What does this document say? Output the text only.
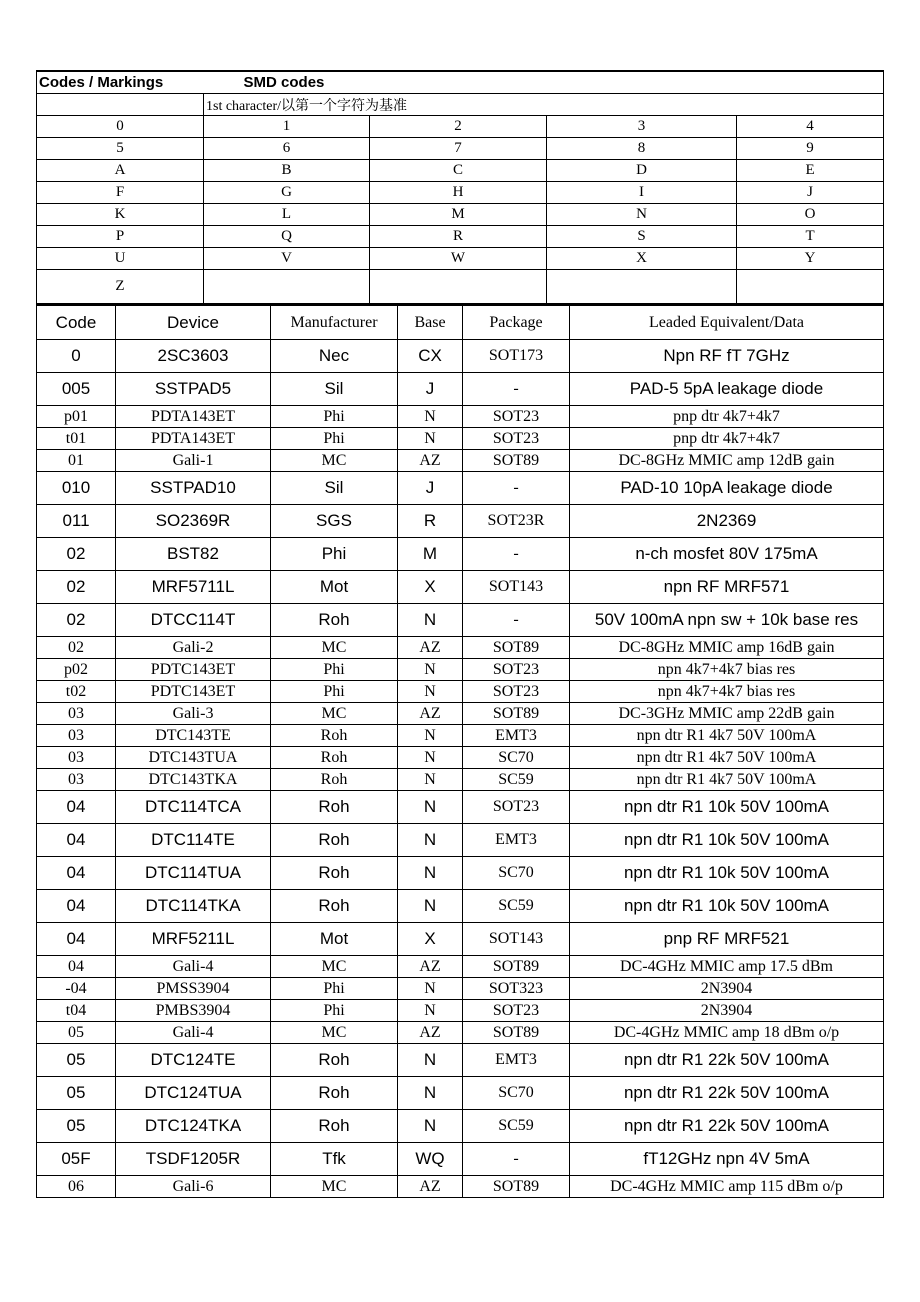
Codes / Markings SMD codes				
	1st character/以第一个字符为基准			
0	1	2	3	4
5	6	7	8	9
A	B	C	D	E
F	G	H	I	J
K	L	M	N	O
P	Q	R	S	T
U	V	W	X	Y
Z				
Code	Device	Manufacturer	Base	Package	Leaded Equivalent/Data
0	2SC3603	Nec	CX	SOT173	Npn RF fT 7GHz
005	SSTPAD5	Sil	J	-	PAD-5 5pA leakage diode
p01	PDTA143ET	Phi	N	SOT23	pnp dtr 4k7+4k7
t01	PDTA143ET	Phi	N	SOT23	pnp dtr 4k7+4k7
01	Gali-1	MC	AZ	SOT89	DC-8GHz MMIC amp 12dB gain
010	SSTPAD10	Sil	J	-	PAD-10 10pA leakage diode
011	SO2369R	SGS	R	SOT23R	2N2369
02	BST82	Phi	M	-	n-ch mosfet 80V 175mA
02	MRF5711L	Mot	X	SOT143	npn RF MRF571
02	DTCC114T	Roh	N	-	50V 100mA npn sw + 10k base res
02	Gali-2	MC	AZ	SOT89	DC-8GHz MMIC amp 16dB gain
p02	PDTC143ET	Phi	N	SOT23	npn 4k7+4k7 bias res
t02	PDTC143ET	Phi	N	SOT23	npn 4k7+4k7 bias res
03	Gali-3	MC	AZ	SOT89	DC-3GHz MMIC amp 22dB gain
03	DTC143TE	Roh	N	EMT3	npn dtr R1 4k7 50V 100mA
03	DTC143TUA	Roh	N	SC70	npn dtr R1 4k7 50V 100mA
03	DTC143TKA	Roh	N	SC59	npn dtr R1 4k7 50V 100mA
04	DTC114TCA	Roh	N	SOT23	npn dtr R1 10k 50V 100mA
04	DTC114TE	Roh	N	EMT3	npn dtr R1 10k 50V 100mA
04	DTC114TUA	Roh	N	SC70	npn dtr R1 10k 50V 100mA
04	DTC114TKA	Roh	N	SC59	npn dtr R1 10k 50V 100mA
04	MRF5211L	Mot	X	SOT143	pnp RF MRF521
04	Gali-4	MC	AZ	SOT89	DC-4GHz MMIC amp 17.5 dBm
-04	PMSS3904	Phi	N	SOT323	2N3904
t04	PMBS3904	Phi	N	SOT23	2N3904
05	Gali-4	MC	AZ	SOT89	DC-4GHz MMIC amp 18 dBm o/p
05	DTC124TE	Roh	N	EMT3	npn dtr R1 22k 50V 100mA
05	DTC124TUA	Roh	N	SC70	npn dtr R1 22k 50V 100mA
05	DTC124TKA	Roh	N	SC59	npn dtr R1 22k 50V 100mA
05F	TSDF1205R	Tfk	WQ	-	fT12GHz npn 4V 5mA
06	Gali-6	MC	AZ	SOT89	DC-4GHz MMIC amp 115 dBm o/p
